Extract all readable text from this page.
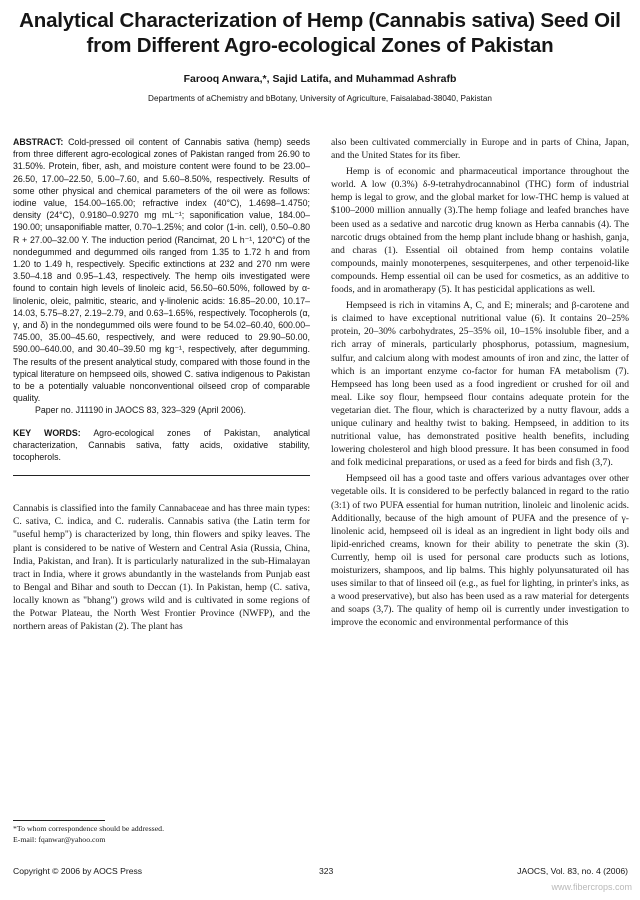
Analytical Characterization of Hemp (Cannabis sativa) Seed Oil
from Different Agro-ecological Zones of Pakistan
Farooq Anwara,*, Sajid Latifa, and Muhammad Ashrafb
Departments of aChemistry and bBotany, University of Agriculture, Faisalabad-38040, Pakistan

ABSTRACT: Cold-pressed oil content of Cannabis sativa (hemp) seeds from three different agro-ecological zones of Pakistan ranged from 26.90 to 31.50%. Protein, fiber, ash, and moisture content were found to be 23.00–26.50, 17.00–22.50, 5.00–7.60, and 5.60–8.50%, respectively. Results of some other physical and chemical parameters of the oil were as follows: iodine value, 154.00–165.00; refractive index (40°C), 1.4698–1.4750; density (24°C), 0.9180–0.9270 mg mL⁻¹; saponification value, 184.00–190.00; unsaponifiable matter, 0.70–1.25%; and color (1-in. cell), 0.50–0.80 R + 27.00–32.00 Y. The induction period (Rancimat, 20 L h⁻¹, 120°C) of the nondegummed and degummed oils ranged from 1.35 to 1.72 h and from 1.20 to 1.49 h, respectively. Specific extinctions at 232 and 270 nm were 3.50–4.18 and 0.95–1.43, respectively. The hemp oils investigated were found to contain high levels of linoleic acid, 56.50–60.50%, followed by α-linolenic, oleic, palmitic, stearic, and γ-linolenic acids: 16.85–20.00, 10.17–14.03, 5.75–8.27, 2.19–2.79, and 0.63–1.65%, respectively. Tocopherols (α, γ, and δ) in the nondegummed oils were found to be 54.02–60.40, 600.00–745.00, 35.00–45.60, respectively, and were reduced to 29.90–50.00, 590.00–640.00, and 30.40–39.50 mg kg⁻¹, respectively, after degumming. The results of the present analytical study, compared with those found in the typical literature on hempseed oils, showed C. sativa indigenous to Pakistan to be a potentially valuable nonconventional oilseed crop of comparable quality.

Paper no. J11190 in JAOCS 83, 323–329 (April 2006).

KEY WORDS: Agro-ecological zones of Pakistan, analytical characterization, Cannabis sativa, fatty acids, oxidative stability, tocopherols.

Cannabis is classified into the family Cannabaceae and has three main types: C. sativa, C. indica, and C. ruderalis. Cannabis sativa (the Latin term for "useful hemp") is characterized by long, thin flowers and spiky leaves. The plant is considered to be native of Western and Central Asia (Russia, China, India, Pakistan, and Iran). It is particularly naturalized in the sub-Himalayan tract in India, where it grows abundantly in the wastelands from Punjab east to Bengal and Bihar and south to Deccan (1). In Pakistan, hemp (C. sativa, locally known as "bhang") grows wild and is cultivated in some regions of the Potwar Plateau, the North West Frontier Province (NWFP), and the northern areas of Pakistan (2). The plant has

also been cultivated commercially in Europe and in parts of China, Japan, and the United States for its fiber.

Hemp is of economic and pharmaceutical importance throughout the world. A low (0.3%) δ-9-tetrahydrocannabinol (THC) form of industrial hemp is legal to grow, and the global market for low-THC hemp is valued at $100–2000 million annually (3).The hemp foliage and leafed branches have been used as a sedative and narcotic drug known as Herba cannabis (4). The narcotic drugs obtained from the hemp plant include bhang or hashish, ganja, and charas (1). Essential oil obtained from hemp contains volatile compounds, mainly monoterpenes, sesquiterpenes, and other terpenoid-like compounds. Hemp essential oil can be used for cosmetics, as an additive to foods, and in aromatherapy (5). It has pesticidal applications as well.

Hempseed is rich in vitamins A, C, and E; minerals; and β-carotene and is claimed to have exceptional nutritional value (6). It contains 20–25% protein, 20–30% carbohydrates, 25–35% oil, 10–15% insoluble fiber, and a rich array of minerals, particularly phosphorus, potassium, magnesium, sulfur, and calcium along with modest amounts of iron and zinc, the latter of which is an important enzyme co-factor for human FA metabolism (7). Hempseed has long been used as a food ingredient or crushed for oil and meal. Like soy flour, hempseed flour contains adequate protein for the vegetarian diet. The flour, which is characterized by a nutty flavour, adds a unique culinary and healthy twist to baking. Hempseed, in addition to its nutritional value, has demonstrated positive health benefits, including lowering cholesterol and high blood pressure. It has been consumed in food and folk medicinal preparations, or used as a feed for birds and fish (3,7).

Hempseed oil has a good taste and offers various advantages over other vegetable oils. It is considered to be perfectly balanced in regard to the ratio (3:1) of two PUFA essential for human nutrition, linoleic and linolenic acids. Additionally, because of the high amount of PUFA and the presence of γ-linolenic acid, hempseed oil is ideal as an ingredient in light body oils and lipid-enriched creams, known for their ability to penetrate the skin (3). Currently, hemp oil is used for personal care products such as lotions, moisturizers, shampoos, and lip balms. This highly polyunsaturated oil has uses similar to that of linseed oil (e.g., as fuel for lighting, in printer's inks, as a wood preservative), but also has been used as a raw material for detergents and soaps (3,7). The quality of hemp oil is currently under investigation to improve the economic and environmental performance of this

*To whom correspondence should be addressed.
E-mail: fqanwar@yahoo.com
Copyright © 2006 by AOCS Press	323	JAOCS, Vol. 83, no. 4 (2006)
www.fibercrops.com
